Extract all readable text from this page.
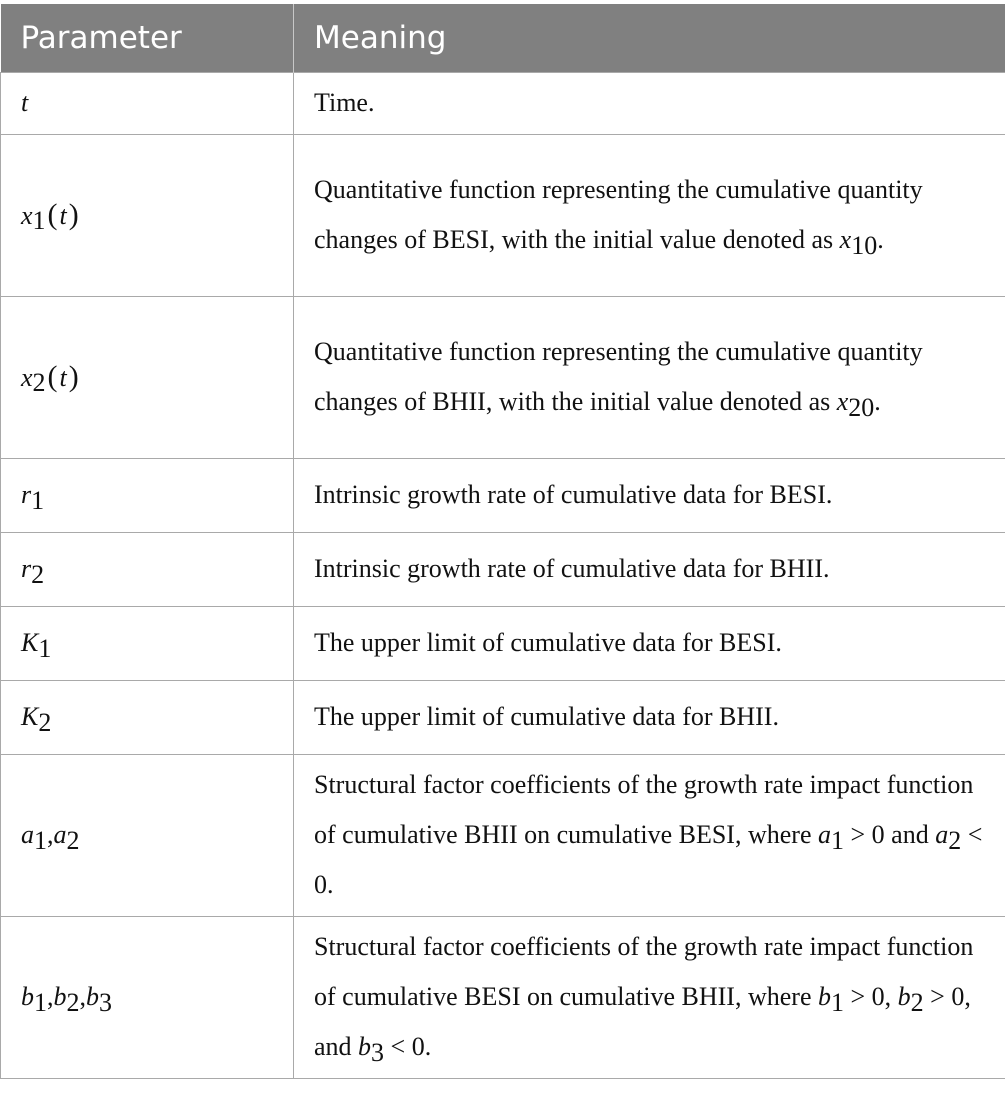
Parameter	Meaning
t	Time.
x1(t)	Quantitative function representing the cumulative quantity changes of BESI, with the initial value denoted as x10.
x2(t)	Quantitative function representing the cumulative quantity changes of BHII, with the initial value denoted as x20.
r1	Intrinsic growth rate of cumulative data for BESI.
r2	Intrinsic growth rate of cumulative data for BHII.
K1	The upper limit of cumulative data for BESI.
K2	The upper limit of cumulative data for BHII.
a1,a2	Structural factor coefficients of the growth rate impact function of cumulative BHII on cumulative BESI, where a1 > 0 and a2 < 0.
b1,b2,b3	Structural factor coefficients of the growth rate impact function of cumulative BESI on cumulative BHII, where b1 > 0, b2 > 0, and b3 < 0.
